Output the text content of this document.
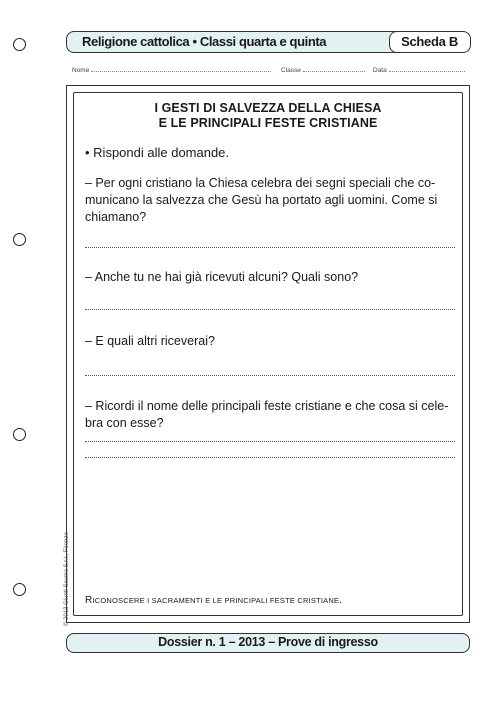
Religione cattolica • Classi quarta e quinta	Scheda B
Nome	Classe	Data
I GESTI DI SALVEZZA DELLA CHIESA
E LE PRINCIPALI FESTE CRISTIANE
• Rispondi alle domande.
– Per ogni cristiano la Chiesa celebra dei segni speciali che co-
municano la salvezza che Gesù ha portato agli uomini. Come si
chiamano?
– Anche tu ne hai già ricevuti alcuni? Quali sono?
– E quali altri riceverai?
– Ricordi il nome delle principali feste cristiane e che cosa si cele-
bra con esse?
RICONOSCERE I SACRAMENTI E LE PRINCIPALI FESTE CRISTIANE.
© 2013 Giunti Scuola S.r.l., Firenze
Dossier n. 1 – 2013 – Prove di ingresso
